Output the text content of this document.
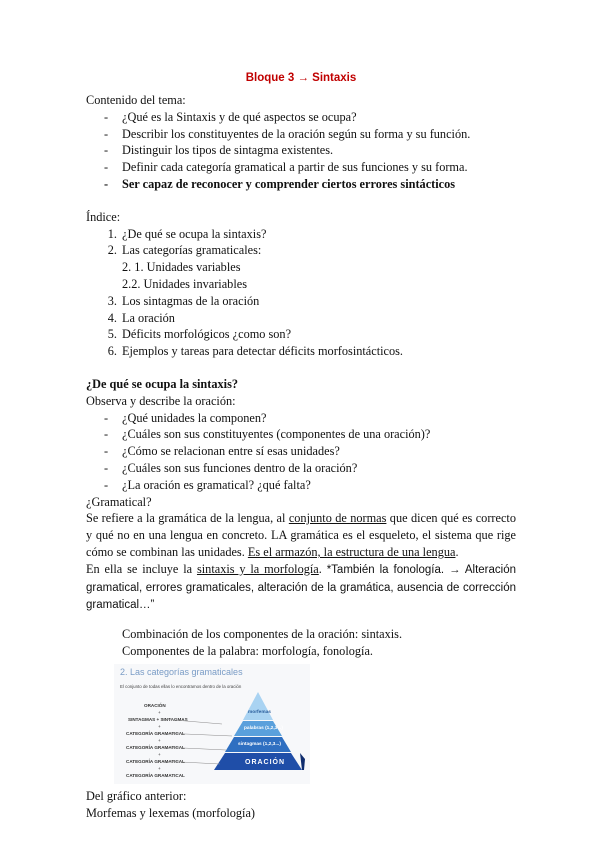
Bloque 3 → Sintaxis
Contenido del tema:
-	¿Qué es la Sintaxis y de qué aspectos se ocupa?
-	Describir los constituyentes de la oración según su forma y su función.
-	Distinguir los tipos de sintagma existentes.
-	Definir cada categoría gramatical a partir de sus funciones y su forma.
-	Ser capaz de reconocer y comprender ciertos errores sintácticos
Índice:
1. ¿De qué se ocupa la sintaxis?
2. Las categorías gramaticales:
2. 1. Unidades variables
2.2. Unidades invariables
3. Los sintagmas de la oración
4. La oración
5. Déficits morfológicos ¿como son?
6. Ejemplos y tareas para detectar déficits morfosintácticos.
¿De qué se ocupa la sintaxis?
Observa y describe la oración:
-	¿Qué unidades la componen?
-	¿Cuáles son sus constituyentes (componentes de una oración)?
-	¿Cómo se relacionan entre sí esas unidades?
-	¿Cuáles son sus funciones dentro de la oración?
-	¿La oración es gramatical? ¿qué falta?
¿Gramatical?
Se refiere a la gramática de la lengua, al conjunto de normas que dicen qué es correcto y qué no en una lengua en concreto. LA gramática es el esqueleto, el sistema que rige cómo se combinan las unidades. Es el armazón, la estructura de una lengua.
En ella se incluye la sintaxis y la morfología. *También la fonología. → Alteración gramatical, errores gramaticales, alteración de la gramática, ausencia de corrección gramatical…”
Combinación de los componentes de la oración: sintaxis.
Componentes de la palabra: morfología, fonología.
2. Las categorías gramaticales
El conjunto de todas ellas lo encontramos dentro de la oración
ORACIÓN
+
SINTAGMAS + SINTAGMAS
+
CATEGORÍA GRAMATICAL
+
CATEGORÍA GRAMATICAL
+
CATEGORÍA GRAMATICAL
+
CATEGORÍA GRAMATICAL
morfemas
palabras (1,2,3...)
sintagmas (1,2,3...)
ORACIÓN
Del gráfico anterior:
Morfemas y lexemas (morfología)
